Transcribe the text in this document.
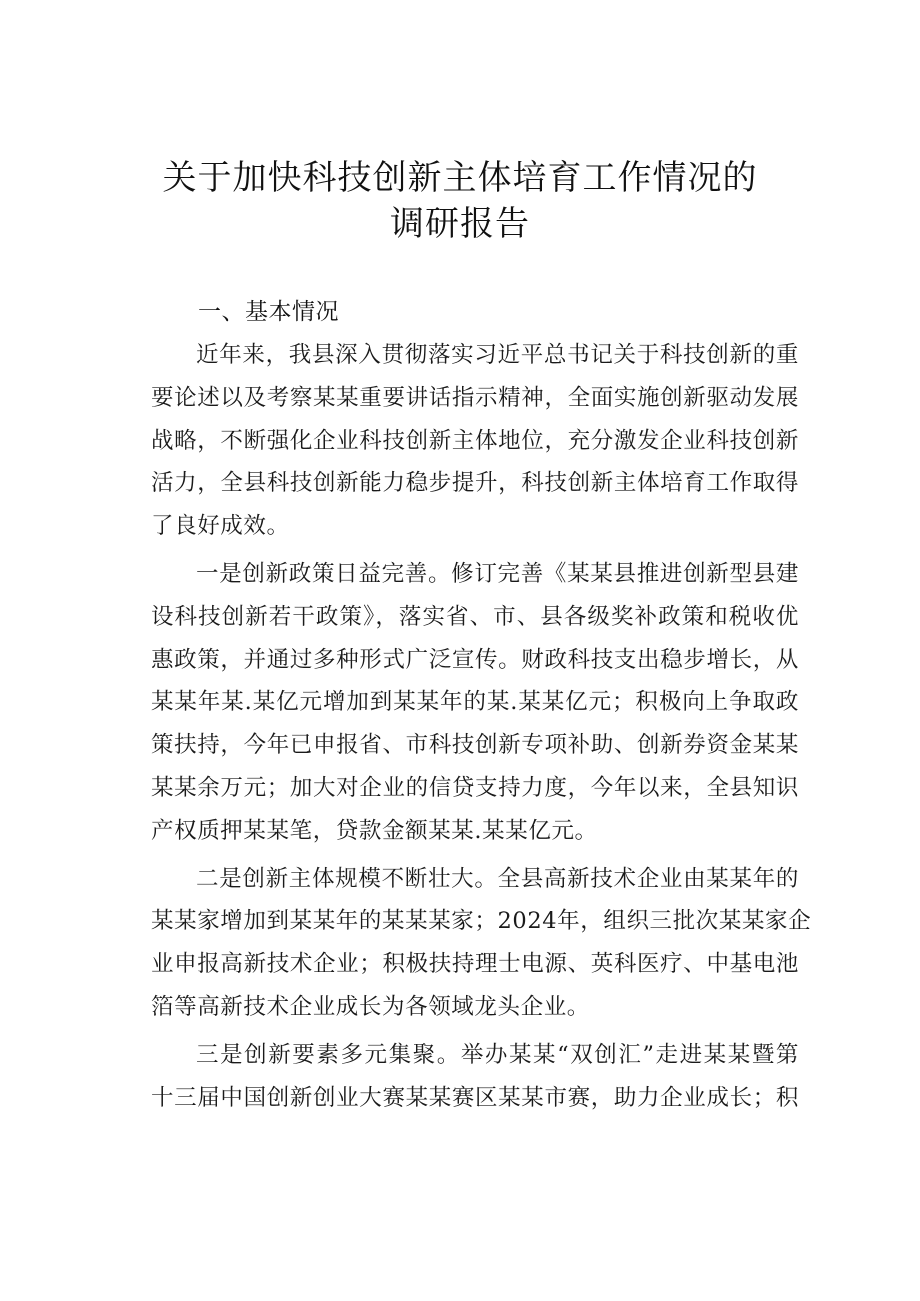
关于加快科技创新主体培育工作情况的
调研报告
一、基本情况
近年来，我县深入贯彻落实习近平总书记关于科技创新的重
要论述以及考察某某重要讲话指示精神，全面实施创新驱动发展
战略，不断强化企业科技创新主体地位，充分激发企业科技创新
活力，全县科技创新能力稳步提升，科技创新主体培育工作取得
了良好成效。
一是创新政策日益完善。修订完善《某某县推进创新型县建
设科技创新若干政策》，落实省、市、县各级奖补政策和税收优
惠政策，并通过多种形式广泛宣传。财政科技支出稳步增长，从
某某年某.某亿元增加到某某年的某.某某亿元；积极向上争取政
策扶持，今年已申报省、市科技创新专项补助、创新券资金某某
某某余万元；加大对企业的信贷支持力度，今年以来，全县知识
产权质押某某笔，贷款金额某某.某某亿元。
二是创新主体规模不断壮大。全县高新技术企业由某某年的
某某家增加到某某年的某某某家；2024年，组织三批次某某家企
业申报高新技术企业；积极扶持理士电源、英科医疗、中基电池
箔等高新技术企业成长为各领域龙头企业。
三是创新要素多元集聚。举办某某“双创汇”走进某某暨第
十三届中国创新创业大赛某某赛区某某市赛，助力企业成长；积
